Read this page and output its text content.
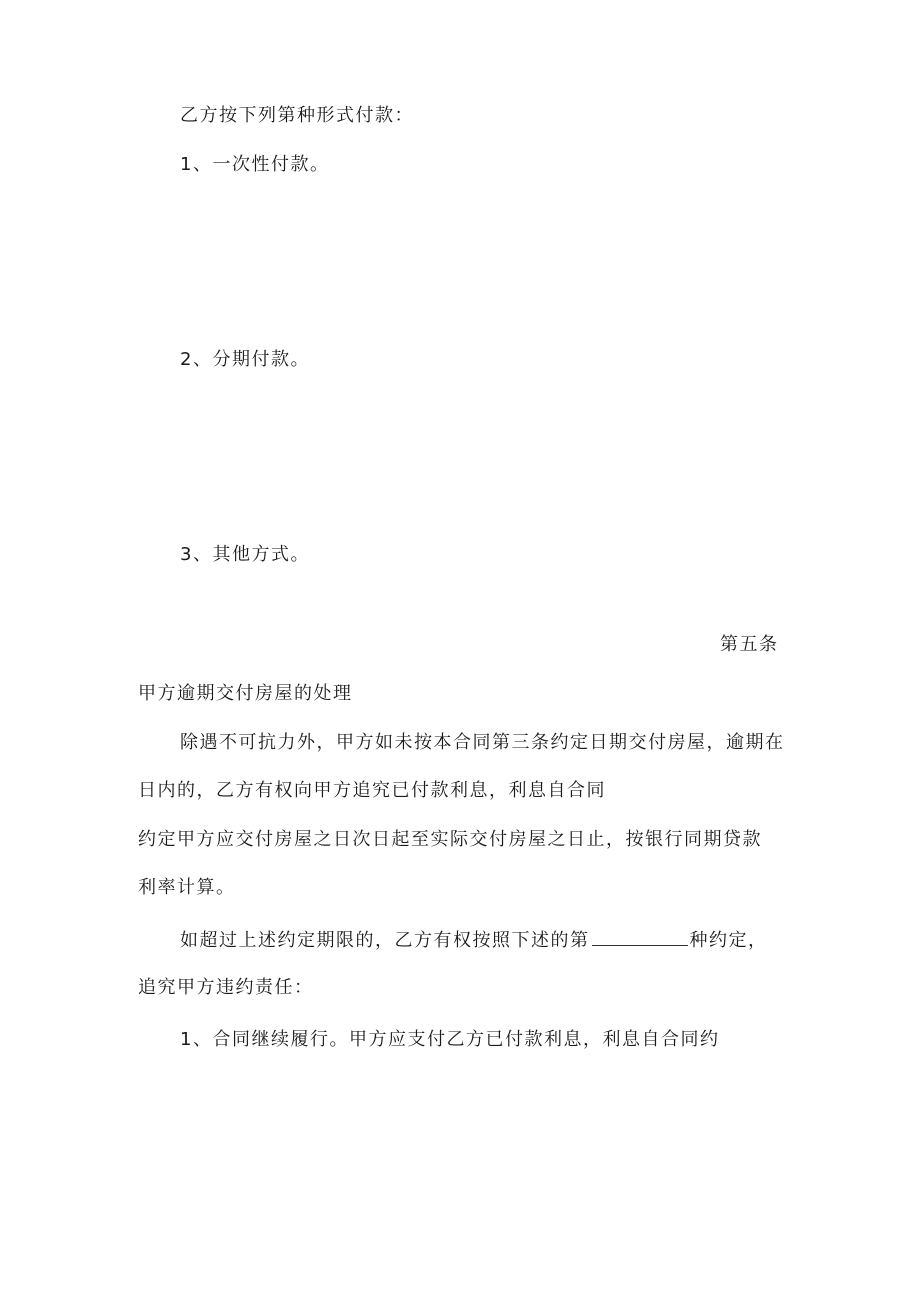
乙方按下列第种形式付款：
1、一次性付款。
2、分期付款。
3、其他方式。
第五条
甲方逾期交付房屋的处理
除遇不可抗力外，甲方如未按本合同第三条约定日期交付房屋，逾期在
日内的，乙方有权向甲方追究已付款利息，利息自合同
约定甲方应交付房屋之日次日起至实际交付房屋之日止，按银行同期贷款
利率计算。
如超过上述约定期限的，乙方有权按照下述的第	种约定，
追究甲方违约责任：
1、合同继续履行。甲方应支付乙方已付款利息，利息自合同约
